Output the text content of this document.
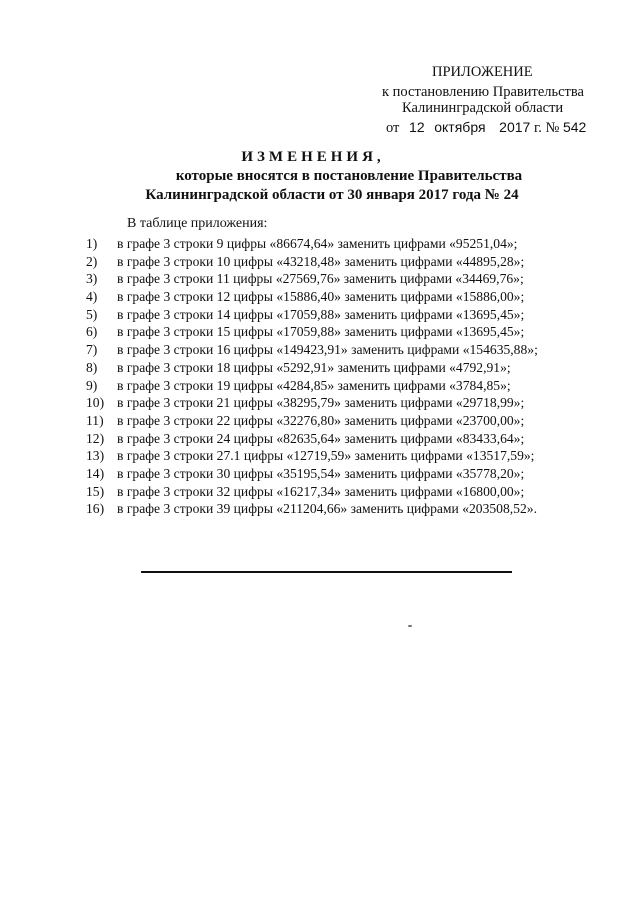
ПРИЛОЖЕНИЕ
к постановлению Правительства
Калининградской области
от 12 октября 2017 г. № 542
ИЗМЕНЕНИЯ,
которые вносятся в постановление Правительства
Калининградской области от 30 января 2017 года № 24
В таблице приложения:
1) в графе 3 строки 9 цифры «86674,64» заменить цифрами «95251,04»;
2) в графе 3 строки 10 цифры «43218,48» заменить цифрами «44895,28»;
3) в графе 3 строки 11 цифры «27569,76» заменить цифрами «34469,76»;
4) в графе 3 строки 12 цифры «15886,40» заменить цифрами «15886,00»;
5) в графе 3 строки 14 цифры «17059,88» заменить цифрами «13695,45»;
6) в графе 3 строки 15 цифры «17059,88» заменить цифрами «13695,45»;
7) в графе 3 строки 16 цифры «149423,91» заменить цифрами «154635,88»;
8) в графе 3 строки 18 цифры «5292,91» заменить цифрами «4792,91»;
9) в графе 3 строки 19 цифры «4284,85» заменить цифрами «3784,85»;
10) в графе 3 строки 21 цифры «38295,79» заменить цифрами «29718,99»;
11) в графе 3 строки 22 цифры «32276,80» заменить цифрами «23700,00»;
12) в графе 3 строки 24 цифры «82635,64» заменить цифрами «83433,64»;
13) в графе 3 строки 27.1 цифры «12719,59» заменить цифрами «13517,59»;
14) в графе 3 строки 30 цифры «35195,54» заменить цифрами «35778,20»;
15) в графе 3 строки 32 цифры «16217,34» заменить цифрами «16800,00»;
16) в графе 3 строки 39 цифры «211204,66» заменить цифрами «203508,52».
